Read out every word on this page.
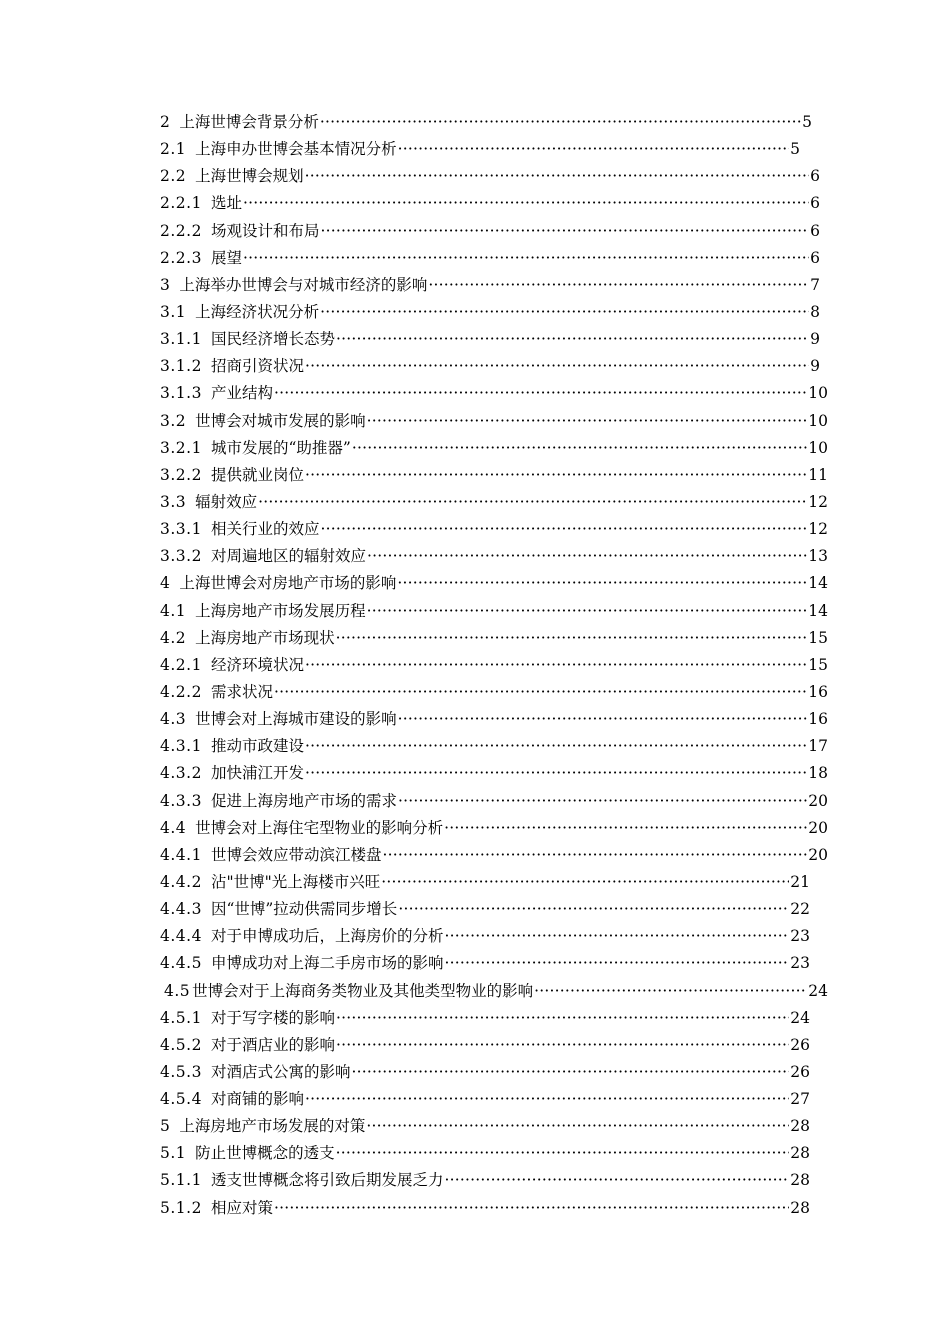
2 上海世博会背景分析 ·····	5
2.1 上海申办世博会基本情况分析 ·····	5
2.2 上海世博会规划 ·····	6
2.2.1 选址 ·····	6
2.2.2 场观设计和布局 ·····	6
2.2.3 展望 ·····	6
3 上海举办世博会与对城市经济的影响 ·····	7
3.1 上海经济状况分析 ·····	8
3.1.1 国民经济增长态势 ·····	9
3.1.2 招商引资状况 ·····	9
3.1.3 产业结构 ·····	10
3.2 世博会对城市发展的影响 ·····	10
3.2.1 城市发展的“助推器” ·····	10
3.2.2 提供就业岗位 ·····	11
3.3 辐射效应 ·····	12
3.3.1 相关行业的效应 ·····	12
3.3.2 对周遍地区的辐射效应 ·····	13
4 上海世博会对房地产市场的影响 ·····	14
4.1 上海房地产市场发展历程 ·····	14
4.2 上海房地产市场现状 ·····	15
4.2.1 经济环境状况 ·····	15
4.2.2 需求状况 ·····	16
4.3 世博会对上海城市建设的影响 ·····	16
4.3.1 推动市政建设 ·····	17
4.3.2 加快浦江开发 ·····	18
4.3.3 促进上海房地产市场的需求 ·····	20
4.4 世博会对上海住宅型物业的影响分析 ·····	20
4.4.1 世博会效应带动滨江楼盘 ·····	20
4.4.2 沾"世博"光上海楼市兴旺 ·····	21
4.4.3 因“世博”拉动供需同步增长 ·····	22
4.4.4 对于申博成功后，上海房价的分析 ·····	23
4.4.5 申博成功对上海二手房市场的影响 ·····	23
4.5 世博会对于上海商务类物业及其他类型物业的影响 ·····	24
4.5.1 对于写字楼的影响 ·····	24
4.5.2 对于酒店业的影响 ·····	26
4.5.3 对酒店式公寓的影响 ·····	26
4.5.4 对商铺的影响 ·····	27
5 上海房地产市场发展的对策 ·····	28
5.1 防止世博概念的透支 ·····	28
5.1.1 透支世博概念将引致后期发展乏力 ·····	28
5.1.2 相应对策 ·····	28
